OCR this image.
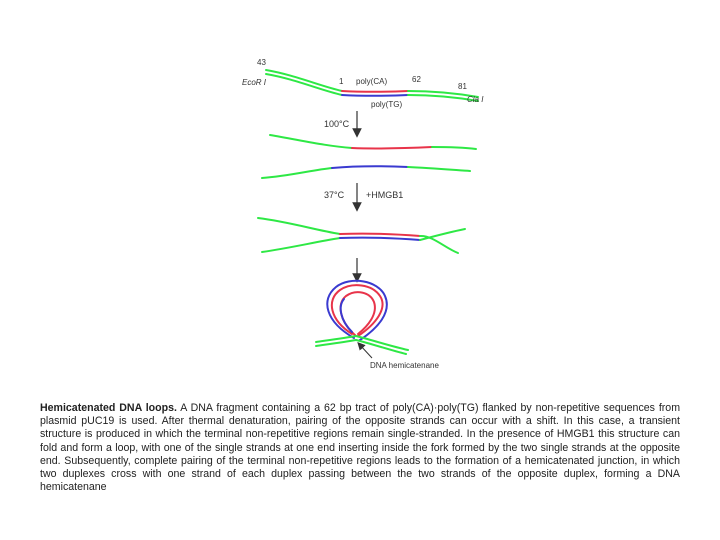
43
EcoR I	1 poly(CA)	62
81
Cla I
poly(TG)
100°C
37°C +HMGB1
DNA hemicatenane
Hemicatenated DNA loops. A DNA fragment containing a 62 bp tract of poly(CA)·poly(TG) flanked by non-repetitive sequences from plasmid pUC19 is used. After thermal denaturation, pairing of the opposite strands can occur with a shift. In this case, a transient structure is produced in which the terminal non-repetitive regions remain single-stranded. In the presence of HMGB1 this structure can fold and form a loop, with one of the single strands at one end inserting inside the fork formed by the two single strands at the opposite end. Subsequently, complete pairing of the terminal non-repetitive regions leads to the formation of a hemicatenated junction, in which two duplexes cross with one strand of each duplex passing between the two strands of the opposite duplex, forming a DNA hemicatenane
